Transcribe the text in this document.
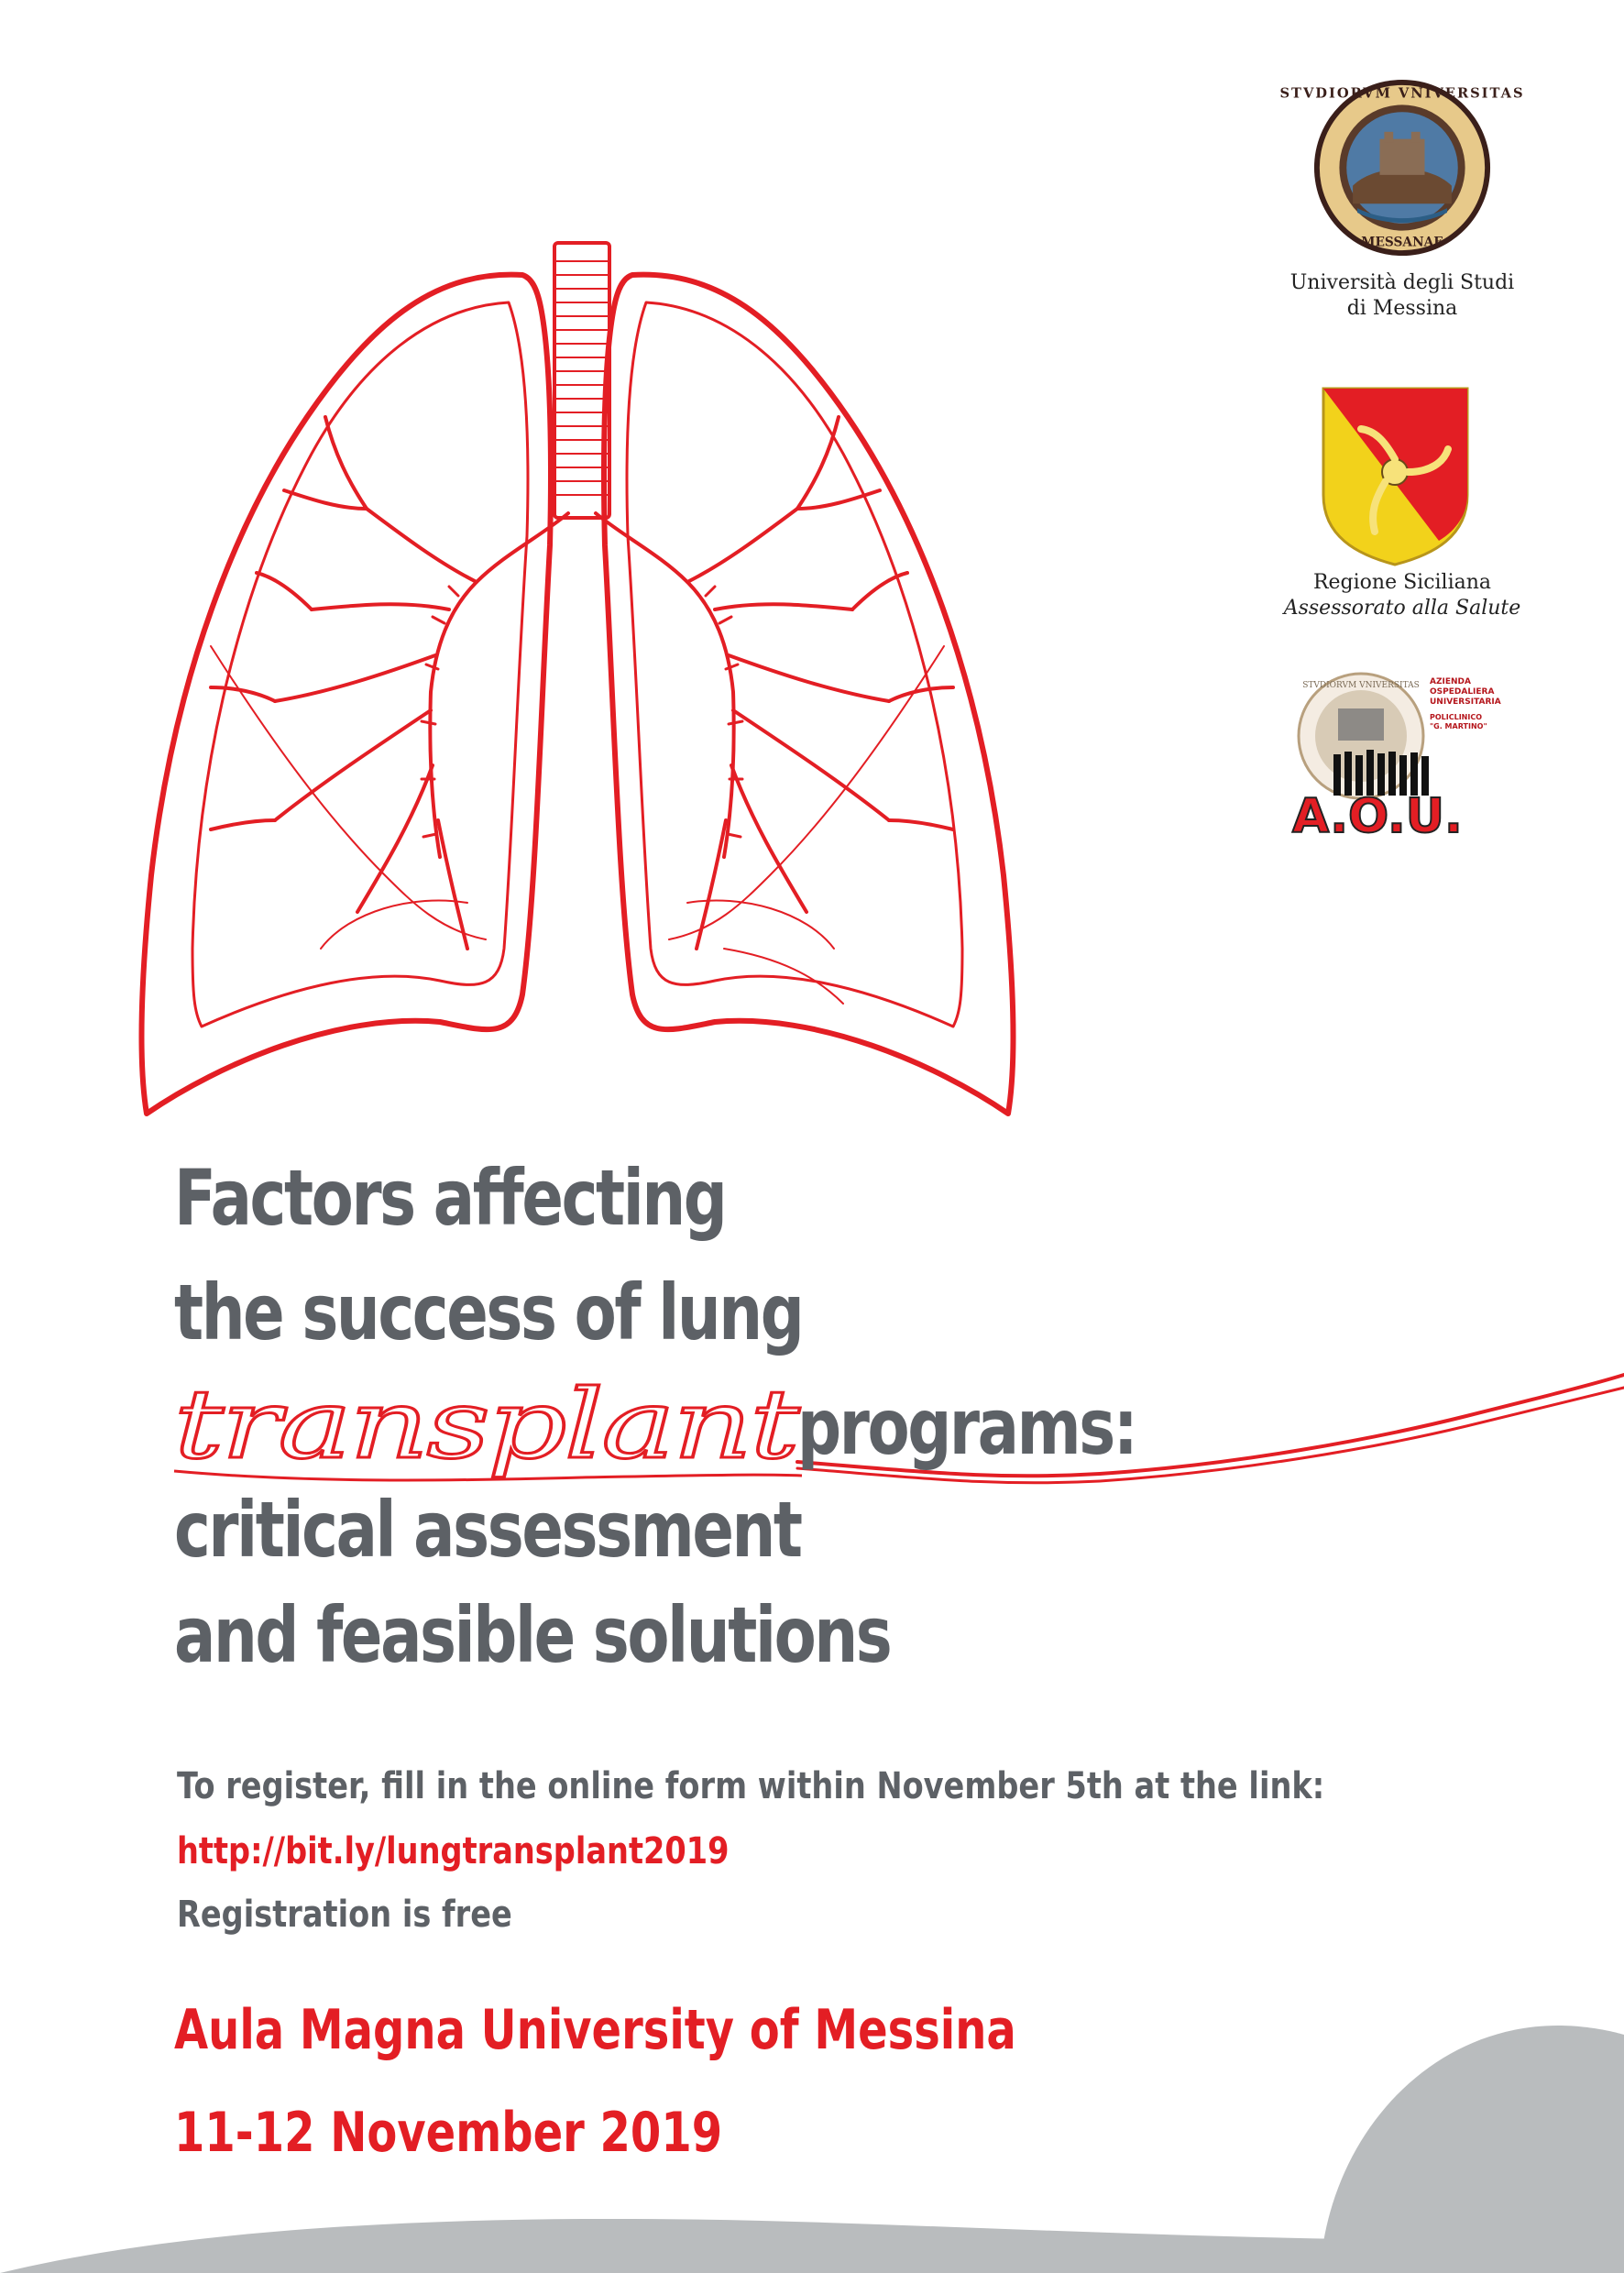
STVDIORVM VNIVERSITAS
MESSANAE
Università degli Studi
di Messina
Regione Siciliana
Assessorato alla Salute
STVDIORVM VNIVERSITAS AZIENDA
OSPEDALIERA
UNIVERSITARIA
POLICLINICO
"G. MARTINO"
A.O.U.
Factors affecting
the success of lung
transplant
programs:
critical assessment
and feasible solutions
To register, fill in the online form within November 5th at the link:
http://bit.ly/lungtransplant2019
Registration is free
Aula Magna University of Messina
11-12 November 2019
